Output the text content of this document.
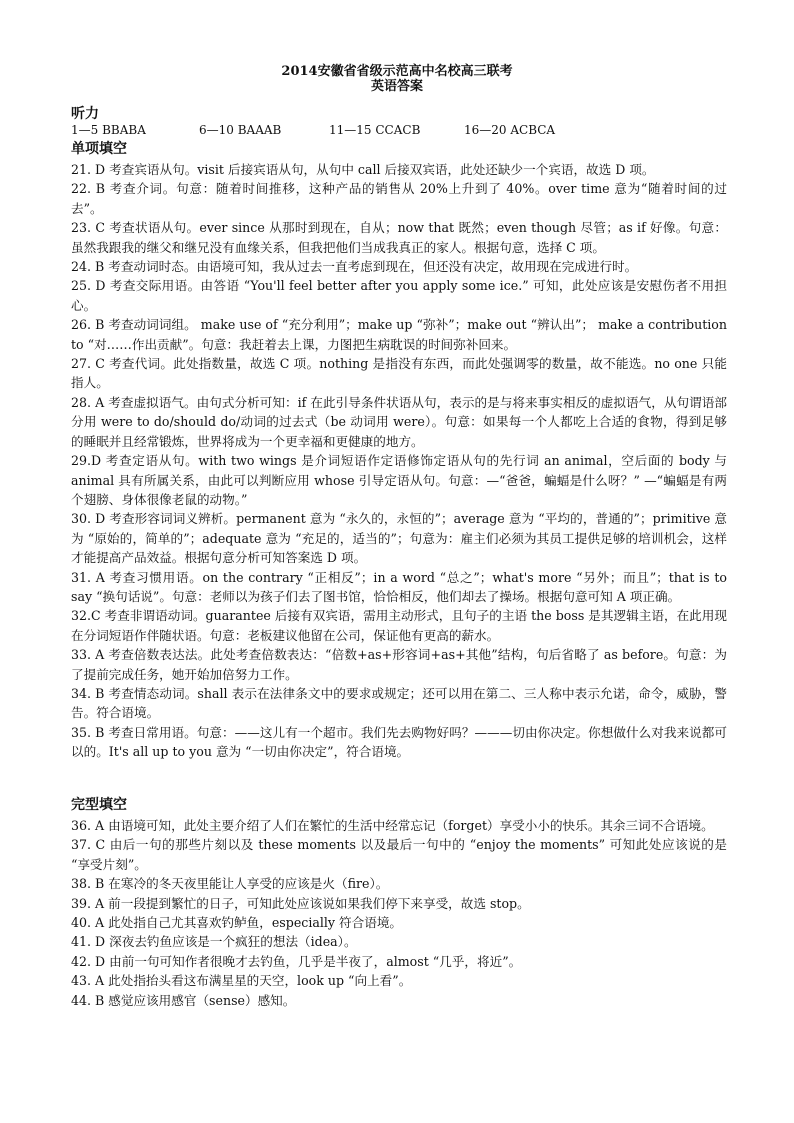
2014安徽省省级示范高中名校高三联考
英语答案
听力
1—5 BBABA	6—10 BAAAB	11—15 CCACB	16—20 ACBCA
单项填空

21. D 考查宾语从句。visit 后接宾语从句，从句中 call 后接双宾语，此处还缺少一个宾语，故选 D 项。

22. B 考查介词。句意：随着时间推移，这种产品的销售从 20%上升到了 40%。over time 意为“随着时间的过去”。

23. C 考查状语从句。ever since 从那时到现在，自从；now that 既然；even though 尽管；as if 好像。句意：虽然我跟我的继父和继兄没有血缘关系，但我把他们当成我真正的家人。根据句意，选择 C 项。

24. B 考查动词时态。由语境可知，我从过去一直考虑到现在，但还没有决定，故用现在完成进行时。

25. D 考查交际用语。由答语 “You'll feel better after you apply some ice.” 可知，此处应该是安慰伤者不用担心。

26. B 考查动词词组。 make use of “充分利用”；make up “弥补”；make out “辨认出”； make a contribution to “对……作出贡献”。句意：我赶着去上课，力图把生病耽误的时间弥补回来。

27. C 考查代词。此处指数量，故选 C 项。nothing 是指没有东西，而此处强调零的数量，故不能选。no one 只能指人。

28. A 考查虚拟语气。由句式分析可知：if 在此引导条件状语从句，表示的是与将来事实相反的虚拟语气，从句谓语部分用 were to do/should do/动词的过去式（be 动词用 were）。句意：如果每一个人都吃上合适的食物，得到足够的睡眠并且经常锻炼，世界将成为一个更幸福和更健康的地方。

29.D 考查定语从句。with two wings 是介词短语作定语修饰定语从句的先行词 an animal，空后面的 body 与 animal 具有所属关系，由此可以判断应用 whose 引导定语从句。句意：—“爸爸，蝙蝠是什么呀？” —“蝙蝠是有两个翅膀、身体很像老鼠的动物。”

30. D 考查形容词词义辨析。permanent 意为 “永久的，永恒的”；average 意为 “平均的，普通的”；primitive 意为 “原始的，简单的”；adequate 意为 “充足的，适当的”；句意为：雇主们必须为其员工提供足够的培训机会，这样才能提高产品效益。根据句意分析可知答案选 D 项。

31. A 考查习惯用语。on the contrary “正相反”；in a word “总之”；what's more “另外；而且”；that is to say “换句话说”。句意：老师以为孩子们去了图书馆，恰恰相反，他们却去了操场。根据句意可知 A 项正确。

32.C 考查非谓语动词。guarantee 后接有双宾语，需用主动形式，且句子的主语 the boss 是其逻辑主语，在此用现在分词短语作伴随状语。句意：老板建议他留在公司，保证他有更高的薪水。

33. A 考查倍数表达法。此处考查倍数表达：“倍数+as+形容词+as+其他”结构，句后省略了 as before。句意：为了提前完成任务，她开始加倍努力工作。

34. B 考查情态动词。shall 表示在法律条文中的要求或规定；还可以用在第二、三人称中表示允诺，命令，威胁，警告。符合语境。

35. B 考查日常用语。句意：——这儿有一个超市。我们先去购物好吗？———切由你决定。你想做什么对我来说都可以的。It's all up to you 意为 “一切由你决定”，符合语境。

完型填空

36. A 由语境可知，此处主要介绍了人们在繁忙的生活中经常忘记（forget）享受小小的快乐。其余三词不合语境。

37. C 由后一句的那些片刻以及 these moments 以及最后一句中的 “enjoy the moments” 可知此处应该说的是 “享受片刻”。

38. B 在寒冷的冬天夜里能让人享受的应该是火（fire）。

39. A 前一段提到繁忙的日子，可知此处应该说如果我们停下来享受，故选 stop。

40. A 此处指自己尤其喜欢钓鲈鱼，especially 符合语境。

41. D 深夜去钓鱼应该是一个疯狂的想法（idea）。

42. D 由前一句可知作者很晚才去钓鱼，几乎是半夜了，almost “几乎，将近”。

43. A 此处指抬头看这布满星星的天空，look up “向上看”。

44. B 感觉应该用感官（sense）感知。
